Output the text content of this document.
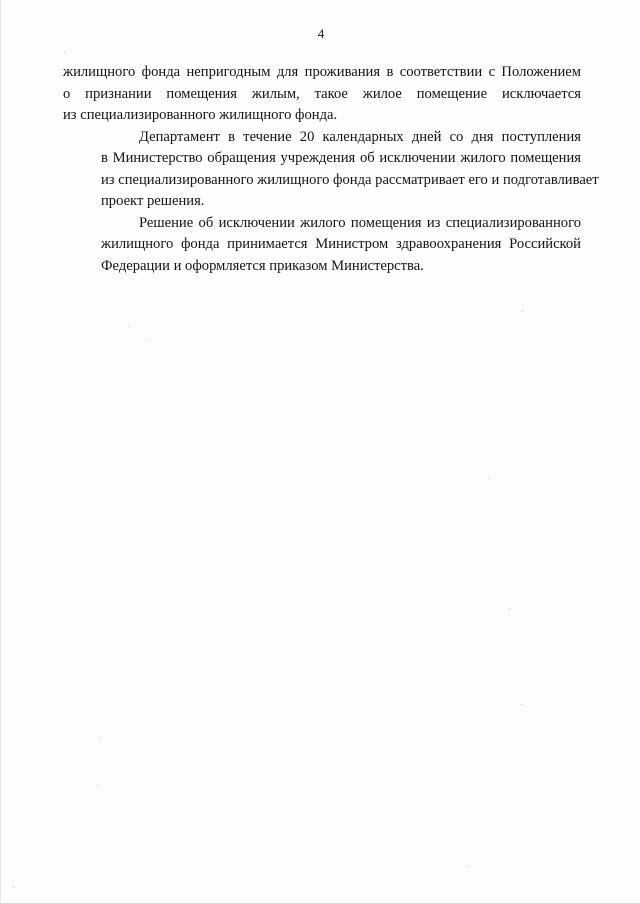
4

жилищного фонда непригодным для проживания в соответствии с Положением
о признании помещения жилым, такое жилое помещение исключается
из специализированного жилищного фонда.

Департамент в течение 20 календарных дней со дня поступления
в Министерство обращения учреждения об исключении жилого помещения
из специализированного жилищного фонда рассматривает его и подготавливает
проект решения.

Решение об исключении жилого помещения из специализированного
жилищного фонда принимается Министром здравоохранения Российской
Федерации и оформляется приказом Министерства.
